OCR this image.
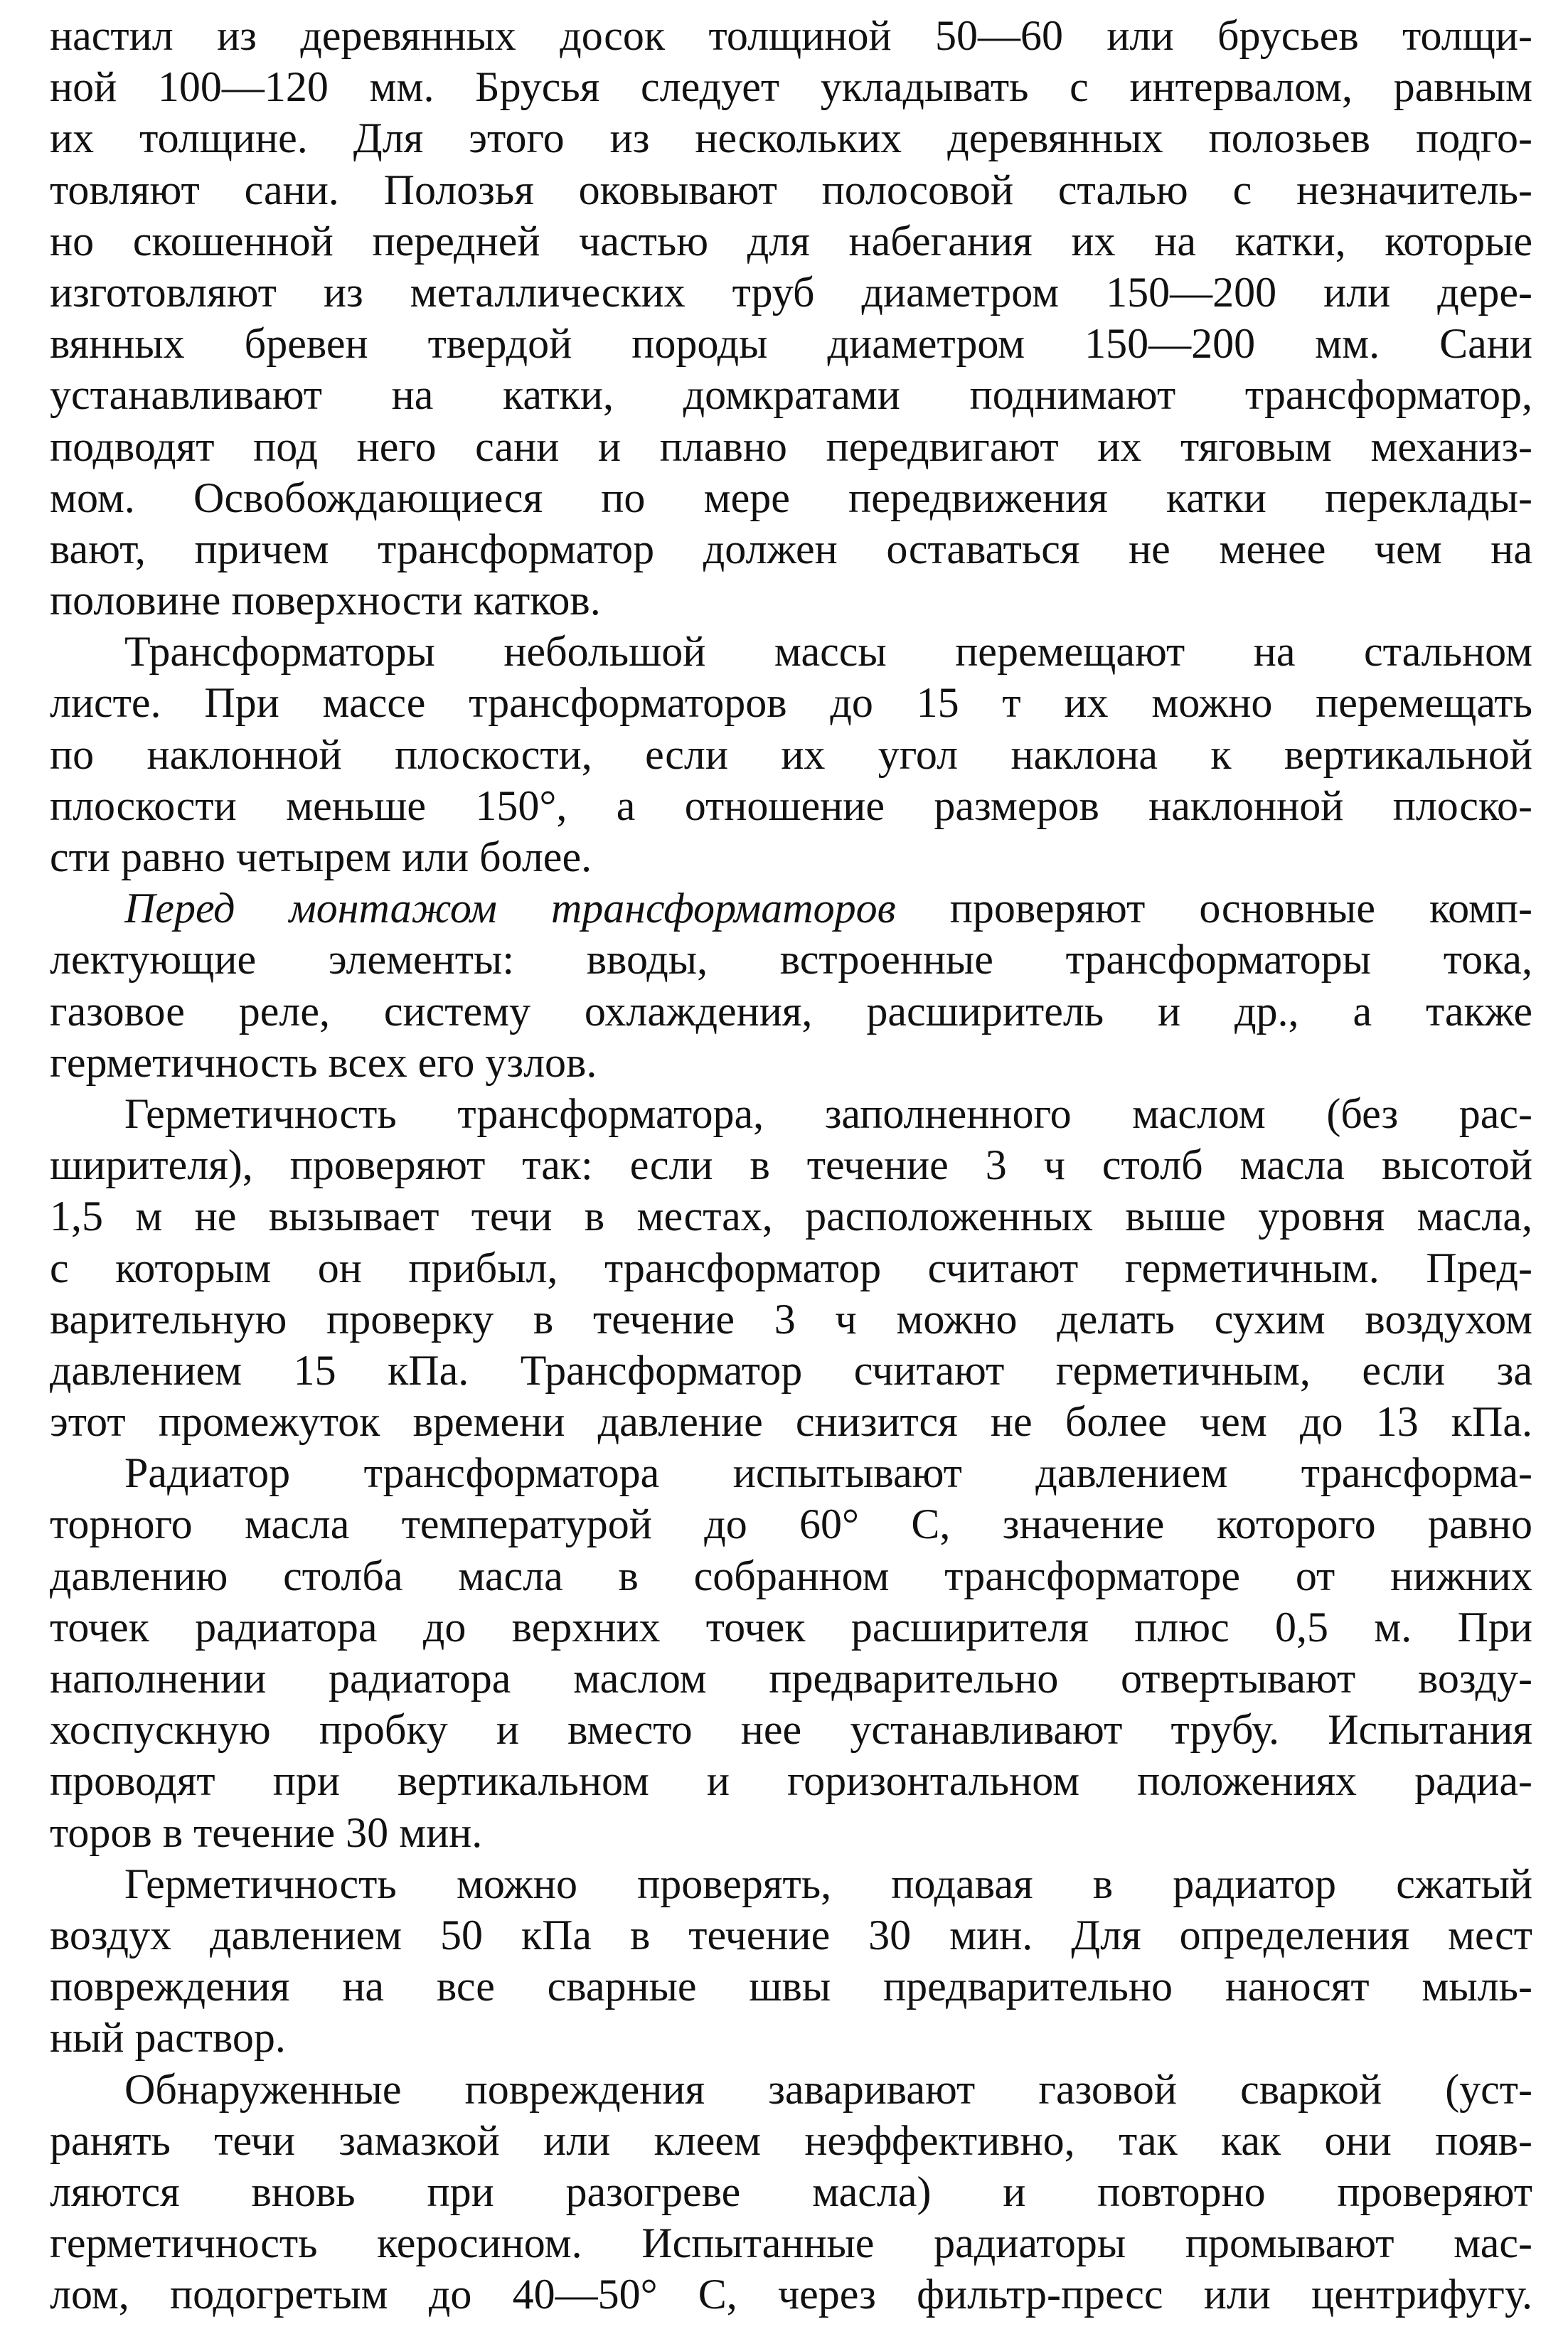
настил из деревянных досок толщиной 50—60 или брусьев толщи-
ной 100—120 мм. Брусья следует укладывать с интервалом, равным
их толщине. Для этого из нескольких деревянных полозьев подго-
товляют сани. Полозья оковывают полосовой сталью с незначитель-
но скошенной передней частью для набегания их на катки, которые
изготовляют из металлических труб диаметром 150—200 или дере-
вянных бревен твердой породы диаметром 150—200 мм. Сани
устанавливают на катки, домкратами поднимают трансформатор,
подводят под него сани и плавно передвигают их тяговым механиз-
мом. Освобождающиеся по мере передвижения катки переклады-
вают, причем трансформатор должен оставаться не менее чем на
половине поверхности катков.
Трансформаторы небольшой массы перемещают на стальном
листе. При массе трансформаторов до 15 т их можно перемещать
по наклонной плоскости, если их угол наклона к вертикальной
плоскости меньше 150°, а отношение размеров наклонной плоско-
сти равно четырем или более.
Перед монтажом трансформаторов проверяют основные комп-
лектующие элементы: вводы, встроенные трансформаторы тока,
газовое реле, систему охлаждения, расширитель и др., а также
герметичность всех его узлов.
Герметичность трансформатора, заполненного маслом (без рас-
ширителя), проверяют так: если в течение 3 ч столб масла высотой
1,5 м не вызывает течи в местах, расположенных выше уровня масла,
с которым он прибыл, трансформатор считают герметичным. Пред-
варительную проверку в течение 3 ч можно делать сухим воздухом
давлением 15 кПа. Трансформатор считают герметичным, если за
этот промежуток времени давление снизится не более чем до 13 кПа.
Радиатор трансформатора испытывают давлением трансформа-
торного масла температурой до 60° С, значение которого равно
давлению столба масла в собранном трансформаторе от нижних
точек радиатора до верхних точек расширителя плюс 0,5 м. При
наполнении радиатора маслом предварительно отвертывают возду-
хоспускную пробку и вместо нее устанавливают трубу. Испытания
проводят при вертикальном и горизонтальном положениях радиа-
торов в течение 30 мин.
Герметичность можно проверять, подавая в радиатор сжатый
воздух давлением 50 кПа в течение 30 мин. Для определения мест
повреждения на все сварные швы предварительно наносят мыль-
ный раствор.
Обнаруженные повреждения заваривают газовой сваркой (уст-
ранять течи замазкой или клеем неэффективно, так как они появ-
ляются вновь при разогреве масла) и повторно проверяют
герметичность керосином. Испытанные радиаторы промывают мас-
лом, подогретым до 40—50° С, через фильтр-пресс или центрифугу.
